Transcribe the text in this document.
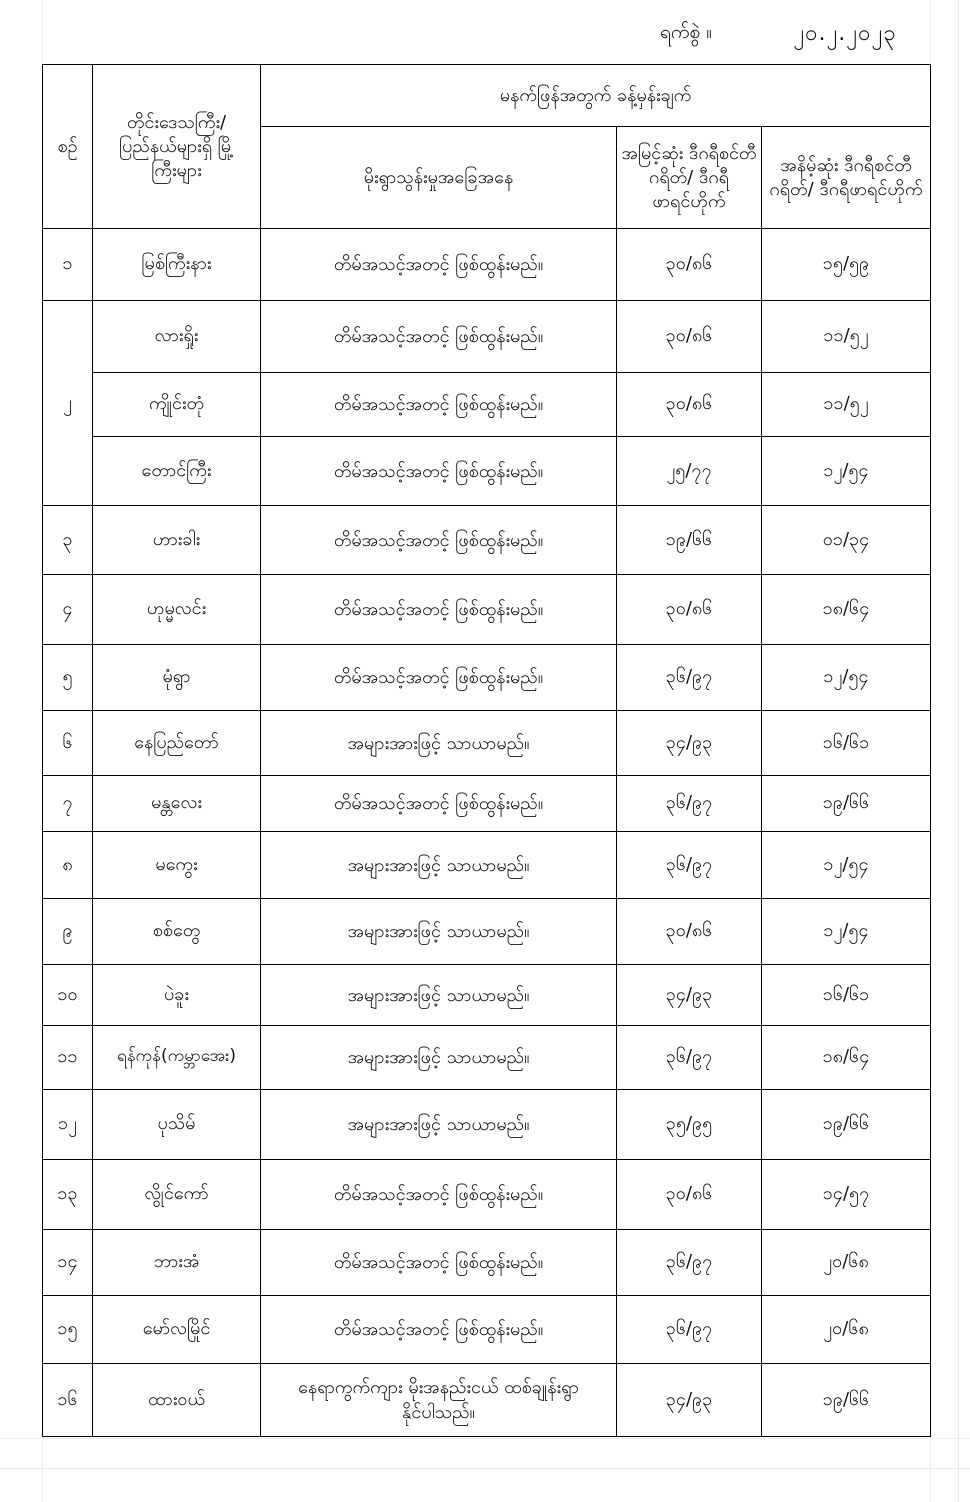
ရက်စွဲ ။	၂၀.၂.၂၀၂၃
စဉ်	တိုင်းဒေသကြီး/ ပြည်နယ်များရှိ မြို့ကြီးများ	မနက်ဖြန်အတွက် ခန့်မှန်းချက်		
		မိုးရွာသွန်းမှုအခြေအနေ	အမြင့်ဆုံး ဒီဂရီစင်တီဂရိတ်/ ဒီဂရီဖာရင်ဟိုက်	အနိမ့်ဆုံး ဒီဂရီစင်တီဂရိတ်/ ဒီဂရီဖာရင်ဟိုက်
၁	မြစ်ကြီးနား	တိမ်အသင့်အတင့် ဖြစ်ထွန်းမည်။	၃၀/၈၆	၁၅/၅၉
၂	လားရှိုး	တိမ်အသင့်အတင့် ဖြစ်ထွန်းမည်။	၃၀/၈၆	၁၁/၅၂
	ကျိုင်းတုံ	တိမ်အသင့်အတင့် ဖြစ်ထွန်းမည်။	၃၀/၈၆	၁၁/၅၂
	တောင်ကြီး	တိမ်အသင့်အတင့် ဖြစ်ထွန်းမည်။	၂၅/၇၇	၁၂/၅၄
၃	ဟားခါး	တိမ်အသင့်အတင့် ဖြစ်ထွန်းမည်။	၁၉/၆၆	၀၁/၃၄
၄	ဟုမ္မလင်း	တိမ်အသင့်အတင့် ဖြစ်ထွန်းမည်။	၃၀/၈၆	၁၈/၆၄
၅	မုံရွာ	တိမ်အသင့်အတင့် ဖြစ်ထွန်းမည်။	၃၆/၉၇	၁၂/၅၄
၆	နေပြည်တော်	အများအားဖြင့် သာယာမည်။	၃၄/၉၃	၁၆/၆၁
၇	မန္တလေး	တိမ်အသင့်အတင့် ဖြစ်ထွန်းမည်။	၃၆/၉၇	၁၉/၆၆
၈	မကွေး	အများအားဖြင့် သာယာမည်။	၃၆/၉၇	၁၂/၅၄
၉	စစ်တွေ	အများအားဖြင့် သာယာမည်။	၃၀/၈၆	၁၂/၅၄
၁၀	ပဲခူး	အများအားဖြင့် သာယာမည်။	၃၄/၉၃	၁၆/၆၁
၁၁	ရန်ကုန်(ကမ္ဘာအေး)	အများအားဖြင့် သာယာမည်။	၃၆/၉၇	၁၈/၆၄
၁၂	ပုသိမ်	အများအားဖြင့် သာယာမည်။	၃၅/၉၅	၁၉/၆၆
၁၃	လွိုင်ကော်	တိမ်အသင့်အတင့် ဖြစ်ထွန်းမည်။	၃၀/၈၆	၁၄/၅၇
၁၄	ဘားအံ	တိမ်အသင့်အတင့် ဖြစ်ထွန်းမည်။	၃၆/၉၇	၂၀/၆၈
၁၅	မော်လမြိုင်	တိမ်အသင့်အတင့် ဖြစ်ထွန်းမည်။	၃၆/၉၇	၂၀/၆၈
၁၆	ထားဝယ်	နေရာကွက်ကျား မိုးအနည်းငယ် ထစ်ချုန်းရွာနိုင်ပါသည်။	၃၄/၉၃	၁၉/၆၆
